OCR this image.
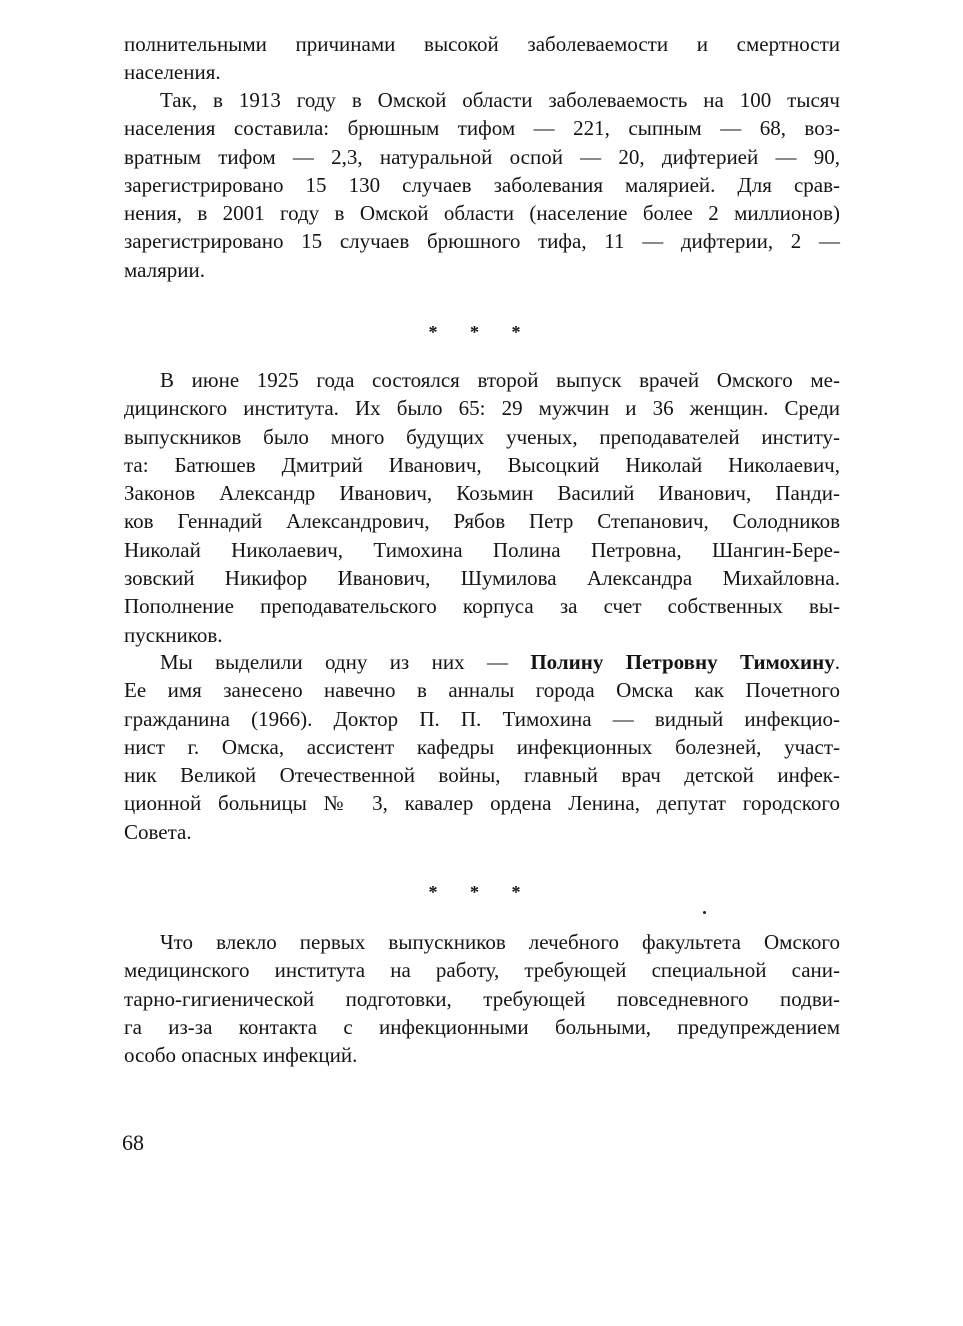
полнительными причинами высокой заболеваемости и смертности
населения.

Так, в 1913 году в Омской области заболеваемость на 100 тысяч
населения составила: брюшным тифом — 221, сыпным — 68, воз-
вратным тифом — 2,3, натуральной оспой — 20, дифтерией — 90,
зарегистрировано 15 130 случаев заболевания малярией. Для срав-
нения, в 2001 году в Омской области (население более 2 миллионов)
зарегистрировано 15 случаев брюшного тифа, 11 — дифтерии, 2 —
малярии.

* * *

В июне 1925 года состоялся второй выпуск врачей Омского ме-
дицинского института. Их было 65: 29 мужчин и 36 женщин. Среди
выпускников было много будущих ученых, преподавателей институ-
та: Батюшев Дмитрий Иванович, Высоцкий Николай Николаевич,
Законов Александр Иванович, Козьмин Василий Иванович, Панди-
ков Геннадий Александрович, Рябов Петр Степанович, Солодников
Николай Николаевич, Тимохина Полина Петровна, Шангин-Бере-
зовский Никифор Иванович, Шумилова Александра Михайловна.
Пополнение преподавательского корпуса за счет собственных вы-
пускников.

Мы выделили одну из них — Полину Петровну Тимохину.
Ее имя занесено навечно в анналы города Омска как Почетного
гражданина (1966). Доктор П. П. Тимохина — видный инфекцио-
нист г. Омска, ассистент кафедры инфекционных болезней, участ-
ник Великой Отечественной войны, главный врач детской инфек-
ционной больницы № 3, кавалер ордена Ленина, депутат городского
Совета.

* * *

Что влекло первых выпускников лечебного факультета Омского
медицинского института на работу, требующей специальной сани-
тарно-гигиенической подготовки, требующей повседневного подви-
га из-за контакта с инфекционными больными, предупреждением
особо опасных инфекций.

68
